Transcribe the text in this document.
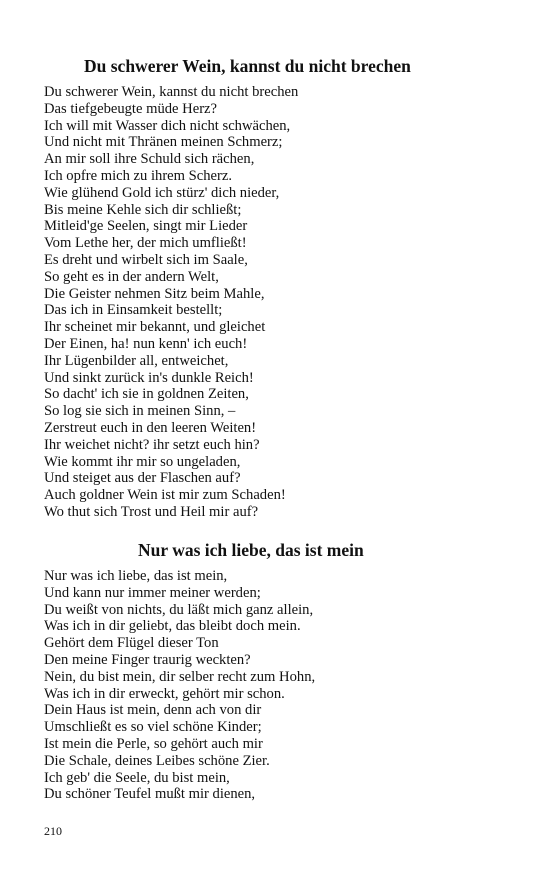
Du schwerer Wein, kannst du nicht brechen
Du schwerer Wein, kannst du nicht brechen
Das tiefgebeugte müde Herz?
Ich will mit Wasser dich nicht schwächen,
Und nicht mit Thränen meinen Schmerz;
An mir soll ihre Schuld sich rächen,
Ich opfre mich zu ihrem Scherz.
Wie glühend Gold ich stürz' dich nieder,
Bis meine Kehle sich dir schließt;
Mitleid'ge Seelen, singt mir Lieder
Vom Lethe her, der mich umfließt!
Es dreht und wirbelt sich im Saale,
So geht es in der andern Welt,
Die Geister nehmen Sitz beim Mahle,
Das ich in Einsamkeit bestellt;
Ihr scheinet mir bekannt, und gleichet
Der Einen, ha! nun kenn' ich euch!
Ihr Lügenbilder all, entweichet,
Und sinkt zurück in's dunkle Reich!
So dacht' ich sie in goldnen Zeiten,
So log sie sich in meinen Sinn, –
Zerstreut euch in den leeren Weiten!
Ihr weichet nicht? ihr setzt euch hin?
Wie kommt ihr mir so ungeladen,
Und steiget aus der Flaschen auf?
Auch goldner Wein ist mir zum Schaden!
Wo thut sich Trost und Heil mir auf?
Nur was ich liebe, das ist mein
Nur was ich liebe, das ist mein,
Und kann nur immer meiner werden;
Du weißt von nichts, du läßt mich ganz allein,
Was ich in dir geliebt, das bleibt doch mein.
Gehört dem Flügel dieser Ton
Den meine Finger traurig weckten?
Nein, du bist mein, dir selber recht zum Hohn,
Was ich in dir erweckt, gehört mir schon.
Dein Haus ist mein, denn ach von dir
Umschließt es so viel schöne Kinder;
Ist mein die Perle, so gehört auch mir
Die Schale, deines Leibes schöne Zier.
Ich geb' die Seele, du bist mein,
Du schöner Teufel mußt mir dienen,
210
